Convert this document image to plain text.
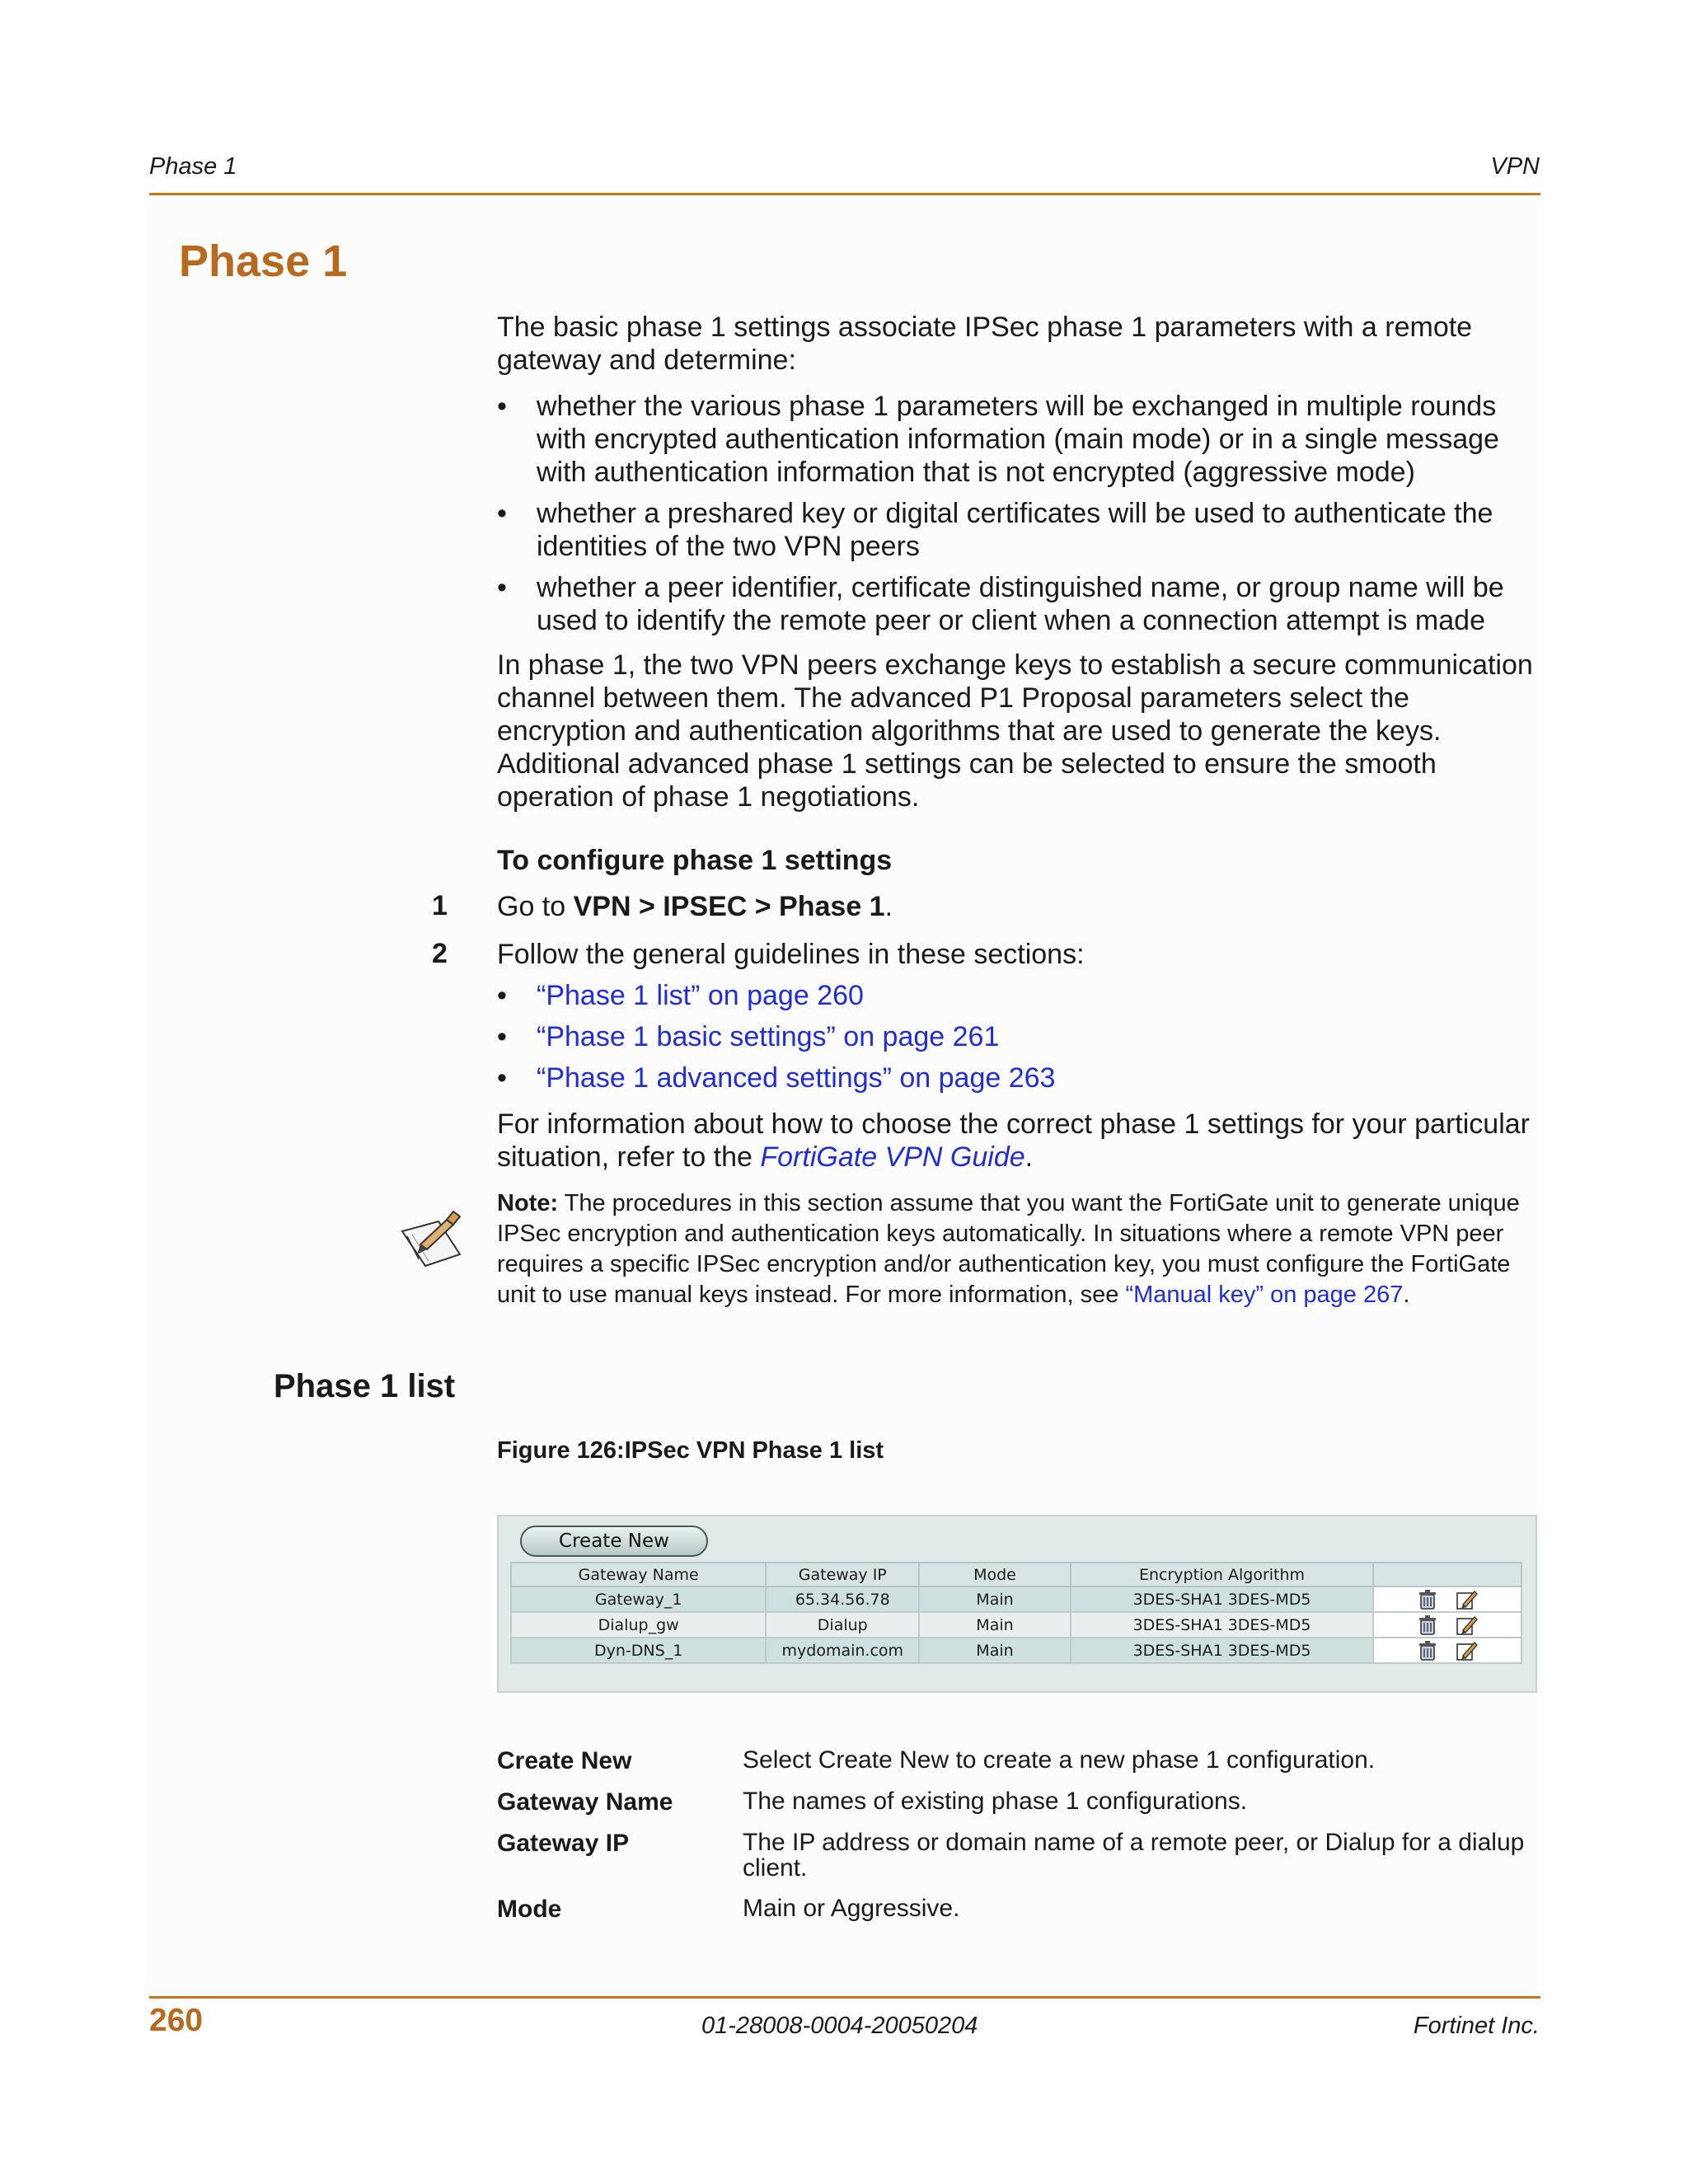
Phase 1	VPN
Phase 1

The basic phase 1 settings associate IPSec phase 1 parameters with a remote gateway and determine:

• whether the various phase 1 parameters will be exchanged in multiple rounds with encrypted authentication information (main mode) or in a single message with authentication information that is not encrypted (aggressive mode)
• whether a preshared key or digital certificates will be used to authenticate the identities of the two VPN peers
• whether a peer identifier, certificate distinguished name, or group name will be used to identify the remote peer or client when a connection attempt is made

In phase 1, the two VPN peers exchange keys to establish a secure communication channel between them. The advanced P1 Proposal parameters select the encryption and authentication algorithms that are used to generate the keys. Additional advanced phase 1 settings can be selected to ensure the smooth operation of phase 1 negotiations.

To configure phase 1 settings
1 Go to VPN > IPSEC > Phase 1.
2 Follow the general guidelines in these sections:

• “Phase 1 list” on page 260
• “Phase 1 basic settings” on page 261
• “Phase 1 advanced settings” on page 263

For information about how to choose the correct phase 1 settings for your particular situation, refer to the FortiGate VPN Guide.

Note: The procedures in this section assume that you want the FortiGate unit to generate unique IPSec encryption and authentication keys automatically. In situations where a remote VPN peer requires a specific IPSec encryption and/or authentication key, you must configure the FortiGate unit to use manual keys instead. For more information, see “Manual key” on page 267.
Phase 1 list
Figure 126:IPSec VPN Phase 1 list
Create New
Gateway Name	Gateway IP	Mode	Encryption Algorithm	
Gateway_1	65.34.56.78	Main	3DES-SHA1 3DES-MD5	
Dialup_gw	Dialup	Main	3DES-SHA1 3DES-MD5	
Dyn-DNS_1	mydomain.com	Main	3DES-SHA1 3DES-MD5	
Create New	Select Create New to create a new phase 1 configuration.
Gateway Name	The names of existing phase 1 configurations.
Gateway IP	The IP address or domain name of a remote peer, or Dialup for a dialup client.
Mode	Main or Aggressive.
260	01-28008-0004-20050204	Fortinet Inc.
